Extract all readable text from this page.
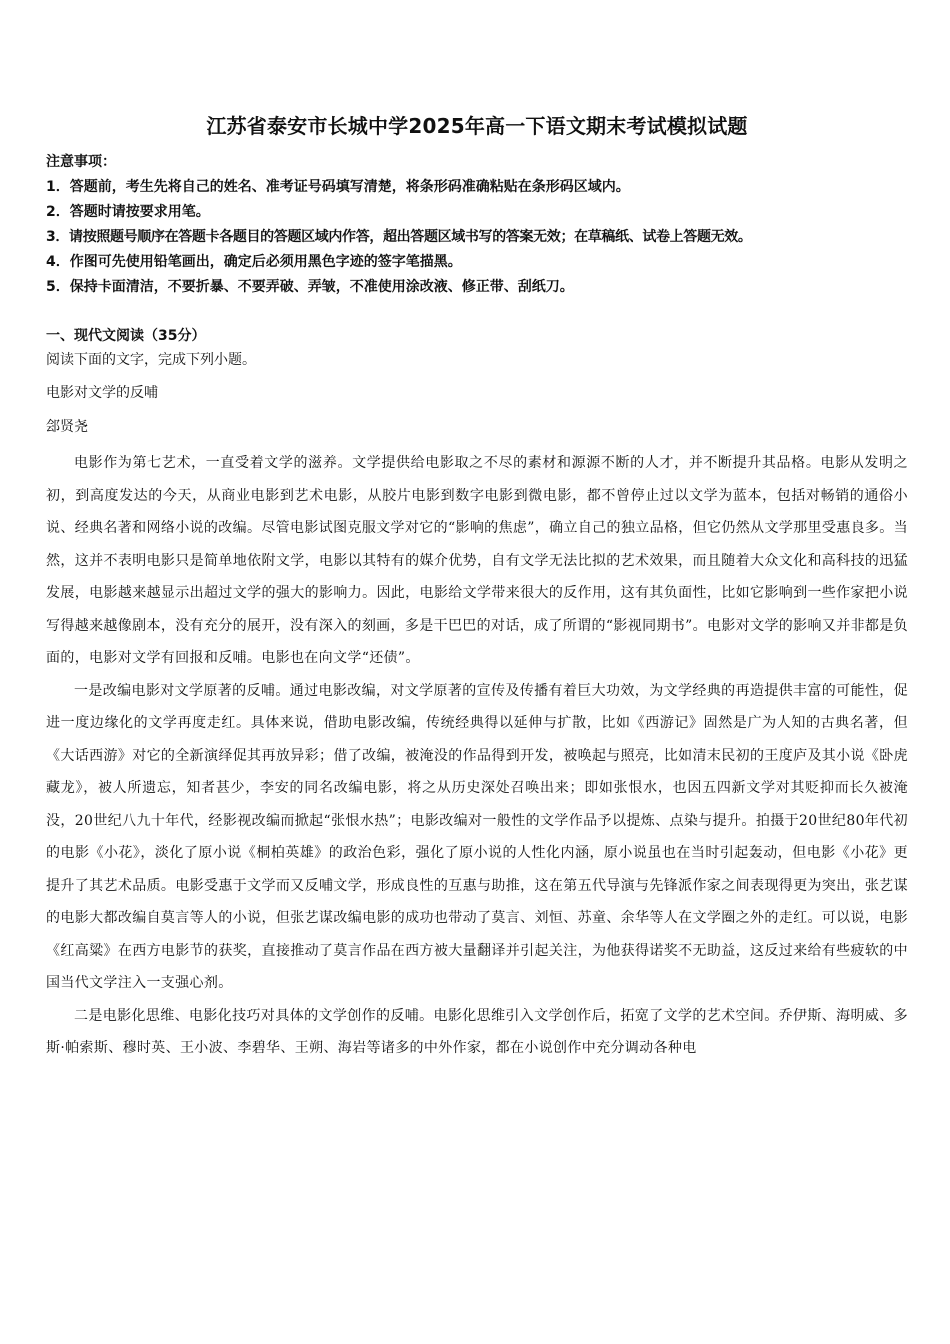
江苏省泰安市长城中学2025年高一下语文期末考试模拟试题
注意事项：
1．答题前，考生先将自己的姓名、准考证号码填写清楚，将条形码准确粘贴在条形码区域内。
2．答题时请按要求用笔。
3．请按照题号顺序在答题卡各题目的答题区域内作答，超出答题区域书写的答案无效；在草稿纸、试卷上答题无效。
4．作图可先使用铅笔画出，确定后必须用黑色字迹的签字笔描黑。
5．保持卡面清洁，不要折暴、不要弄破、弄皱，不准使用涂改液、修正带、刮纸刀。
一、现代文阅读（35分）
阅读下面的文字，完成下列小题。
电影对文学的反哺
郐贤尧

电影作为第七艺术，一直受着文学的滋养。文学提供给电影取之不尽的素材和源源不断的人才，并不断提升其品格。电影从发明之初，到高度发达的今天，从商业电影到艺术电影，从胶片电影到数字电影到微电影，都不曾停止过以文学为蓝本，包括对畅销的通俗小说、经典名著和网络小说的改编。尽管电影试图克服文学对它的“影响的焦虑”，确立自己的独立品格，但它仍然从文学那里受惠良多。当然，这并不表明电影只是简单地依附文学，电影以其特有的媒介优势，自有文学无法比拟的艺术效果，而且随着大众文化和高科技的迅猛发展，电影越来越显示出超过文学的强大的影响力。因此，电影给文学带来很大的反作用，这有其负面性，比如它影响到一些作家把小说写得越来越像剧本，没有充分的展开，没有深入的刻画，多是干巴巴的对话，成了所谓的“影视同期书”。电影对文学的影响又并非都是负面的，电影对文学有回报和反哺。电影也在向文学“还债”。

一是改编电影对文学原著的反哺。通过电影改编，对文学原著的宣传及传播有着巨大功效，为文学经典的再造提供丰富的可能性，促进一度边缘化的文学再度走红。具体来说，借助电影改编，传统经典得以延伸与扩散，比如《西游记》固然是广为人知的古典名著，但《大话西游》对它的全新演绎促其再放异彩；借了改编，被淹没的作品得到开发，被唤起与照亮，比如清末民初的王度庐及其小说《卧虎藏龙》，被人所遗忘，知者甚少，李安的同名改编电影，将之从历史深处召唤出来；即如张恨水，也因五四新文学对其贬抑而长久被淹没，20世纪八九十年代，经影视改编而掀起“张恨水热”；电影改编对一般性的文学作品予以提炼、点染与提升。拍摄于20世纪80年代初的电影《小花》，淡化了原小说《桐柏英雄》的政治色彩，强化了原小说的人性化内涵，原小说虽也在当时引起轰动，但电影《小花》更提升了其艺术品质。电影受惠于文学而又反哺文学，形成良性的互惠与助推，这在第五代导演与先锋派作家之间表现得更为突出，张艺谋的电影大都改编自莫言等人的小说，但张艺谋改编电影的成功也带动了莫言、刘恒、苏童、余华等人在文学圈之外的走红。可以说，电影《红高粱》在西方电影节的获奖，直接推动了莫言作品在西方被大量翻译并引起关注，为他获得诺奖不无助益，这反过来给有些疲软的中国当代文学注入一支强心剂。

二是电影化思维、电影化技巧对具体的文学创作的反哺。电影化思维引入文学创作后，拓宽了文学的艺术空间。乔伊斯、海明威、多斯·帕索斯、穆时英、王小波、李碧华、王朔、海岩等诸多的中外作家，都在小说创作中充分调动各种电
